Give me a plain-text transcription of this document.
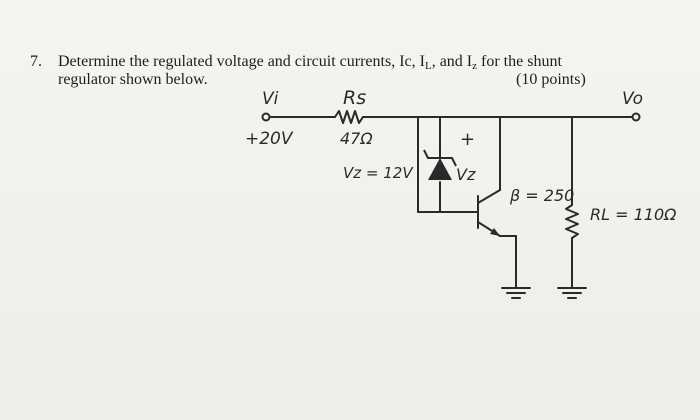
7. Determine the regulated voltage and circuit currents, Ic, $I_L$, and $I_z$ for the shunt
regulator shown below.	(10 points)
Vi	Rs
+20V	47Ω
Vz = 12V
+
Vz
β = 250
RL = 110Ω
Vo
